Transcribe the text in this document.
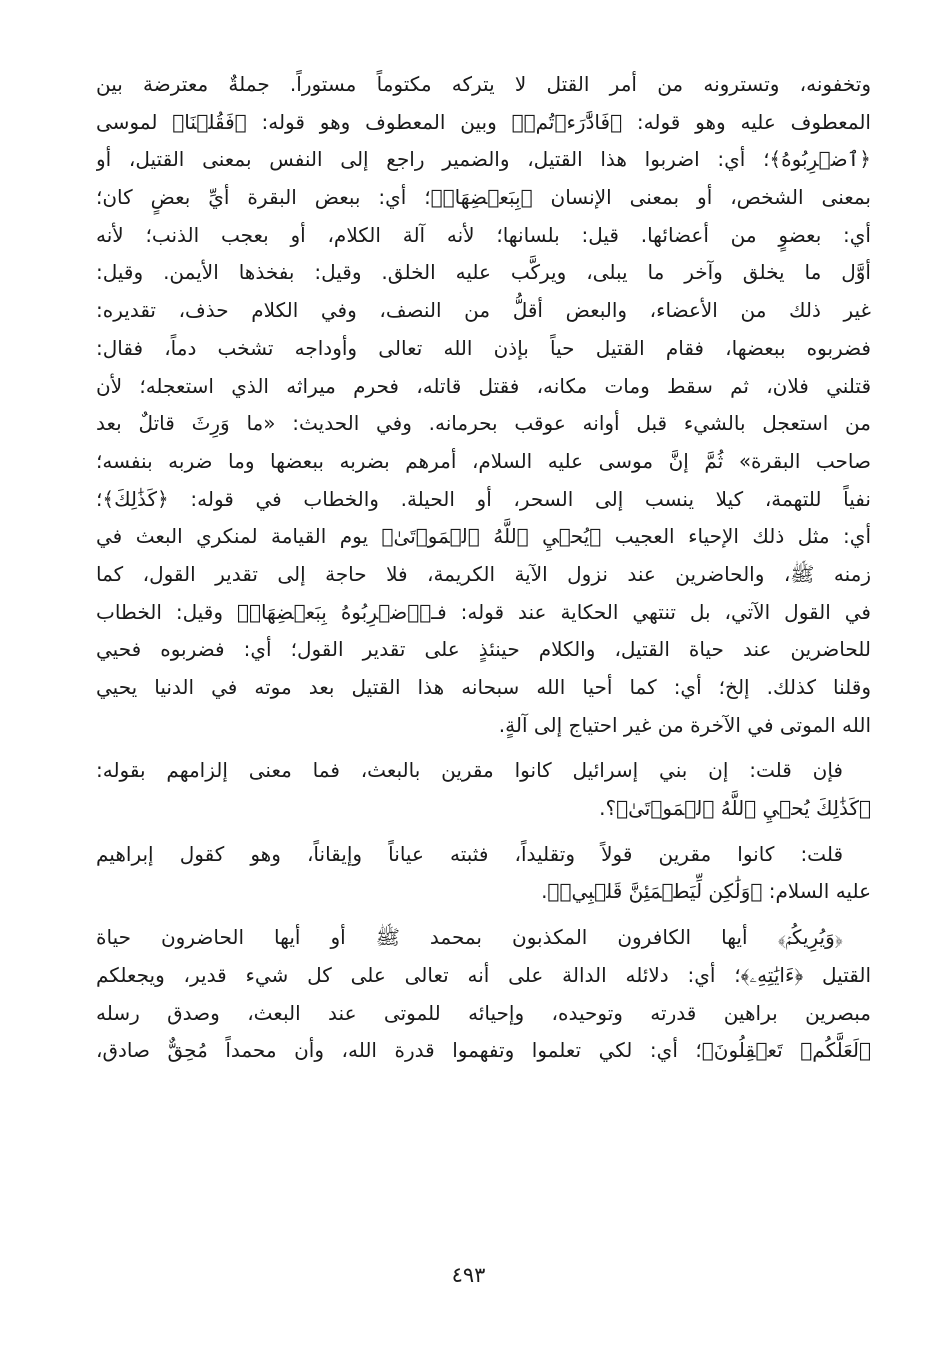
وتخفونه، وتسترونه من أمر القتل لا يتركه مكتوماً مستوراً. جملةٌ معترضة بين
المعطوف عليه وهو قوله: ﴿فَادَّٰرَءۡتُمۡ﴾ وبين المعطوف وهو قوله: ﴿فَقُلۡنَا﴾ لموسى
﴿ٱضۡرِبُوهُ﴾؛ أي: اضربوا هذا القتيل، والضمير راجع إلى النفس بمعنى القتيل، أو
بمعنى الشخص، أو بمعنى الإنسان ﴿بِبَعۡضِهَاۚ﴾؛ أي: ببعض البقرة أيِّ بعضٍ كان؛
أي: بعضوٍ من أعضائها. قيل: بلسانها؛ لأنه آلة الكلام، أو بعجب الذنب؛ لأنه
أوَّل ما يخلق وآخر ما يبلى، ويركَّب عليه الخلق. وقيل: بفخذها الأيمن. وقيل:
غير ذلك من الأعضاء، والبعض أقلُّ من النصف، وفي الكلام حذف، تقديره:
فضربوه ببعضها، فقام القتيل حياً بإذن الله تعالى وأوداجه تشخب دماً، فقال:
قتلني فلان، ثم سقط ومات مكانه، فقتل قاتله، فحرم ميراثه الذي استعجله؛ لأن
من استعجل بالشيء قبل أوانه عوقب بحرمانه. وفي الحديث: «ما وَرِثَ قاتلٌ بعد
صاحب البقرة» ثُمَّ إنَّ موسى عليه السلام، أمرهم بضربه ببعضها وما ضربه بنفسه؛
نفياً للتهمة، كيلا ينسب إلى السحر، أو الحيلة. والخطاب في قوله: ﴿كَذَٰلِكَ﴾؛
أي: مثل ذلك الإحياء العجيب ﴿يُحۡيِ ٱللَّهُ ٱلۡمَوۡتَىٰ﴾ يوم القيامة لمنكري البعث في
زمنه ﷺ، والحاضرين عند نزول الآية الكريمة، فلا حاجة إلى تقدير القول، كما
في القول الآتي، بل تنتهي الحكاية عند قوله: فـ﴿ٱضۡرِبُوهُ بِبَعۡضِهَاۚ﴾ وقيل: الخطاب
للحاضرين عند حياة القتيل، والكلام حينئذٍ على تقدير القول؛ أي: فضربوه فحيي
وقلنا كذلك. إلخ؛ أي: كما أحيا الله سبحانه هذا القتيل بعد موته في الدنيا يحيي
الله الموتى في الآخرة من غير احتياج إلى آلةٍ.
فإن قلت: إن بني إسرائيل كانوا مقرين بالبعث، فما معنى إلزامهم بقوله:
﴿كَذَٰلِكَ يُحۡيِ ٱللَّهُ ٱلۡمَوۡتَىٰ﴾؟.
قلت: كانوا مقرين قولاً وتقليداً، فثبته عياناً وإيقاناً، وهو كقول إبراهيم
عليه السلام: ﴿وَلَٰكِن لِّيَطۡمَئِنَّ قَلۡبِيۖ﴾.
﴿وَيُرِيكُمۡ﴾ أيها الكافرون المكذبون بمحمد ﷺ أو أيها الحاضرون حياة
القتيل ﴿ءَايَٰتِهِۦ﴾؛ أي: دلائله الدالة على أنه تعالى على كل شيء قدير، ويجعلكم
مبصرين براهين قدرته وتوحيده، وإحيائه للموتى عند البعث، وصدق رسله
﴿لَعَلَّكُمۡ تَعۡقِلُونَ﴾؛ أي: لكي تعلموا وتفهموا قدرة الله، وأن محمداً مُحِقٌّ صادق،
٤٩٣
